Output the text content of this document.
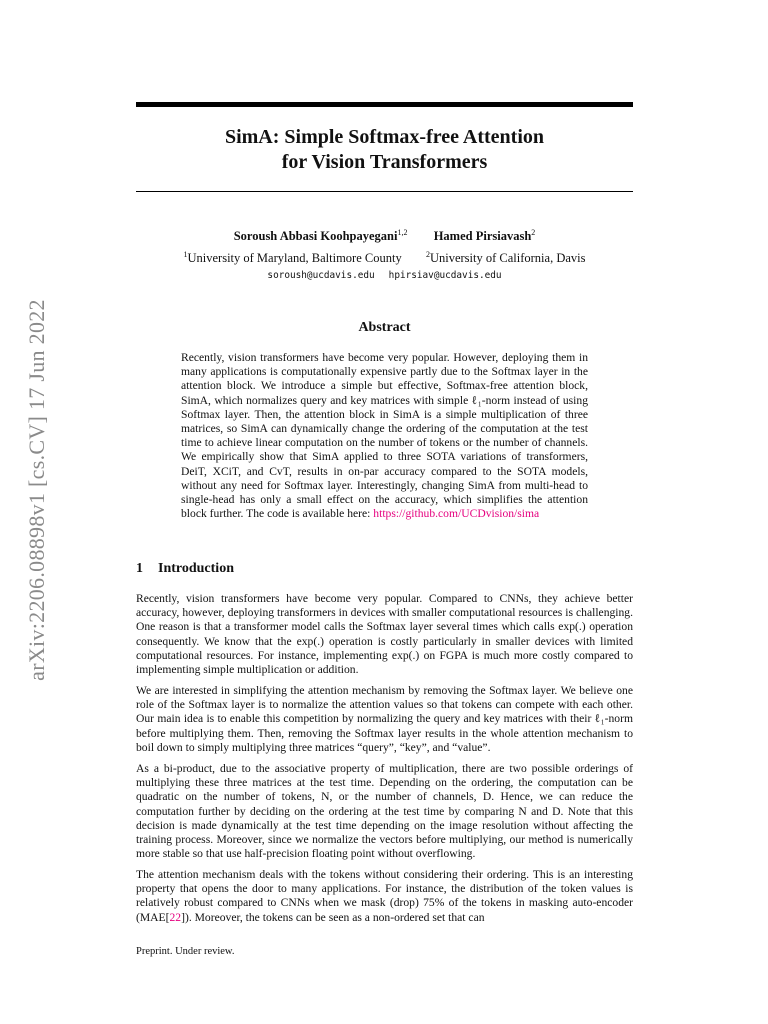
arXiv:2206.08898v1 [cs.CV] 17 Jun 2022
SimA: Simple Softmax-free Attention
for Vision Transformers
Soroush Abbasi Koohpayegani$^{1,2}$ Hamed Pirsiavash$^2$
$^1$University of Maryland, Baltimore County	$^2$University of California, Davis
soroush@ucdavis.edu hpirsiav@ucdavis.edu
Abstract
Recently, vision transformers have become very popular. However, deploying them in many applications is computationally expensive partly due to the Softmax layer in the attention block. We introduce a simple but effective, Softmax-free attention block, SimA, which normalizes query and key matrices with simple ℓ₁-norm instead of using Softmax layer. Then, the attention block in SimA is a simple multiplication of three matrices, so SimA can dynamically change the ordering of the computation at the test time to achieve linear computation on the number of tokens or the number of channels. We empirically show that SimA applied to three SOTA variations of transformers, DeiT, XCiT, and CvT, results in on-par accuracy compared to the SOTA models, without any need for Softmax layer. Interestingly, changing SimA from multi-head to single-head has only a small effect on the accuracy, which simplifies the attention block further. The code is available here: https://github.com/UCDvision/sima
1 Introduction

Recently, vision transformers have become very popular. Compared to CNNs, they achieve better accuracy, however, deploying transformers in devices with smaller computational resources is challenging. One reason is that a transformer model calls the Softmax layer several times which calls exp(.) operation consequently. We know that the exp(.) operation is costly particularly in smaller devices with limited computational resources. For instance, implementing exp(.) on FGPA is much more costly compared to implementing simple multiplication or addition.

We are interested in simplifying the attention mechanism by removing the Softmax layer. We believe one role of the Softmax layer is to normalize the attention values so that tokens can compete with each other. Our main idea is to enable this competition by normalizing the query and key matrices with their ℓ₁-norm before multiplying them. Then, removing the Softmax layer results in the whole attention mechanism to boil down to simply multiplying three matrices “query”, “key”, and “value”.

As a bi-product, due to the associative property of multiplication, there are two possible orderings of multiplying these three matrices at the test time. Depending on the ordering, the computation can be quadratic on the number of tokens, N, or the number of channels, D. Hence, we can reduce the computation further by deciding on the ordering at the test time by comparing N and D. Note that this decision is made dynamically at the test time depending on the image resolution without affecting the training process. Moreover, since we normalize the vectors before multiplying, our method is numerically more stable so that use half-precision floating point without overflowing.

The attention mechanism deals with the tokens without considering their ordering. This is an interesting property that opens the door to many applications. For instance, the distribution of the token values is relatively robust compared to CNNs when we mask (drop) 75% of the tokens in masking auto-encoder (MAE[22]). Moreover, the tokens can be seen as a non-ordered set that can

Preprint. Under review.
